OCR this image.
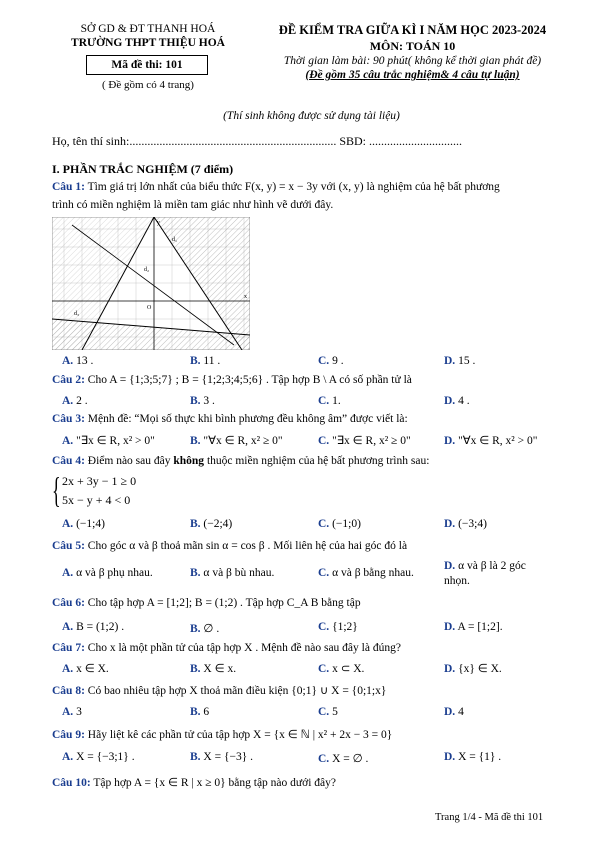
SỞ GD & ĐT THANH HOÁ
TRƯỜNG THPT THIỆU HOÁ
Mã đề thi: 101
( Đề gồm có 4 trang)
ĐỀ KIỂM TRA GIỮA KÌ I NĂM HỌC 2023-2024
MÔN: TOÁN 10
Thời gian làm bài: 90 phút( không kể thời gian phát đề)
(Đề gồm 35 câu trắc nghiệm& 4 câu tự luận)
(Thí sinh không được sử dụng tài liệu)
Họ, tên thí sinh:..................................................................... SBD: ...............................
I. PHẦN TRẮC NGHIỆM (7 điểm)
Câu 1: Tìm giá trị lớn nhất của biểu thức F(x, y) = x − 3y với (x, y) là nghiệm của hệ bất phương
trình có miền nghiệm là miền tam giác như hình vẽ dưới đây.
d₁
d₂
d₃
O
x
y
A. 13 .	B. 11 .	C. 9 .	D. 15 .
Câu 2: Cho A = {1;3;5;7} ; B = {1;2;3;4;5;6} . Tập hợp B \ A có số phần tử là
A. 2 .	B. 3 .	C. 1.	D. 4 .
Câu 3: Mệnh đề: “Mọi số thực khi bình phương đều không âm” được viết là:
A. "∃x ∈ R, x² > 0"	B. "∀x ∈ R, x² ≥ 0"	C. "∃x ∈ R, x² ≥ 0"	D. "∀x ∈ R, x² > 0"
Câu 4: Điểm nào sau đây không thuộc miền nghiệm của hệ bất phương trình sau:
{ 2x + 3y − 1 ≥ 0
5x − y + 4 < 0
A. (−1;4)	B. (−2;4)	C. (−1;0)	D. (−3;4)
Câu 5: Cho góc α và β thoả mãn sin α = cos β . Mối liên hệ của hai góc đó là
A. α và β phụ nhau.	B. α và β bù nhau.	C. α và β bằng nhau.
D. α và β là 2 góc
nhọn.
Câu 6: Cho tập hợp A = [1;2]; B = (1;2) . Tập hợp C_A B bằng tập
A. B = (1;2) .	B. ∅ .	C. {1;2}	D. A = [1;2].
Câu 7: Cho x là một phần tử của tập hợp X . Mệnh đề nào sau đây là đúng?
A. x ∈ X.	B. X ∈ x.	C. x ⊂ X.	D. {x} ∈ X.
Câu 8: Có bao nhiêu tập hợp X thoả mãn điều kiện {0;1} ∪ X = {0;1;x}
A. 3	B. 6	C. 5	D. 4
Câu 9: Hãy liệt kê các phần tử của tập hợp X = {x ∈ ℕ | x² + 2x − 3 = 0}
A. X = {−3;1} .	B. X = {−3} .	C. X = ∅ .	D. X = {1} .
Câu 10: Tập hợp A = {x ∈ R | x ≥ 0} bằng tập nào dưới đây?
Trang 1/4 - Mã đề thi 101
